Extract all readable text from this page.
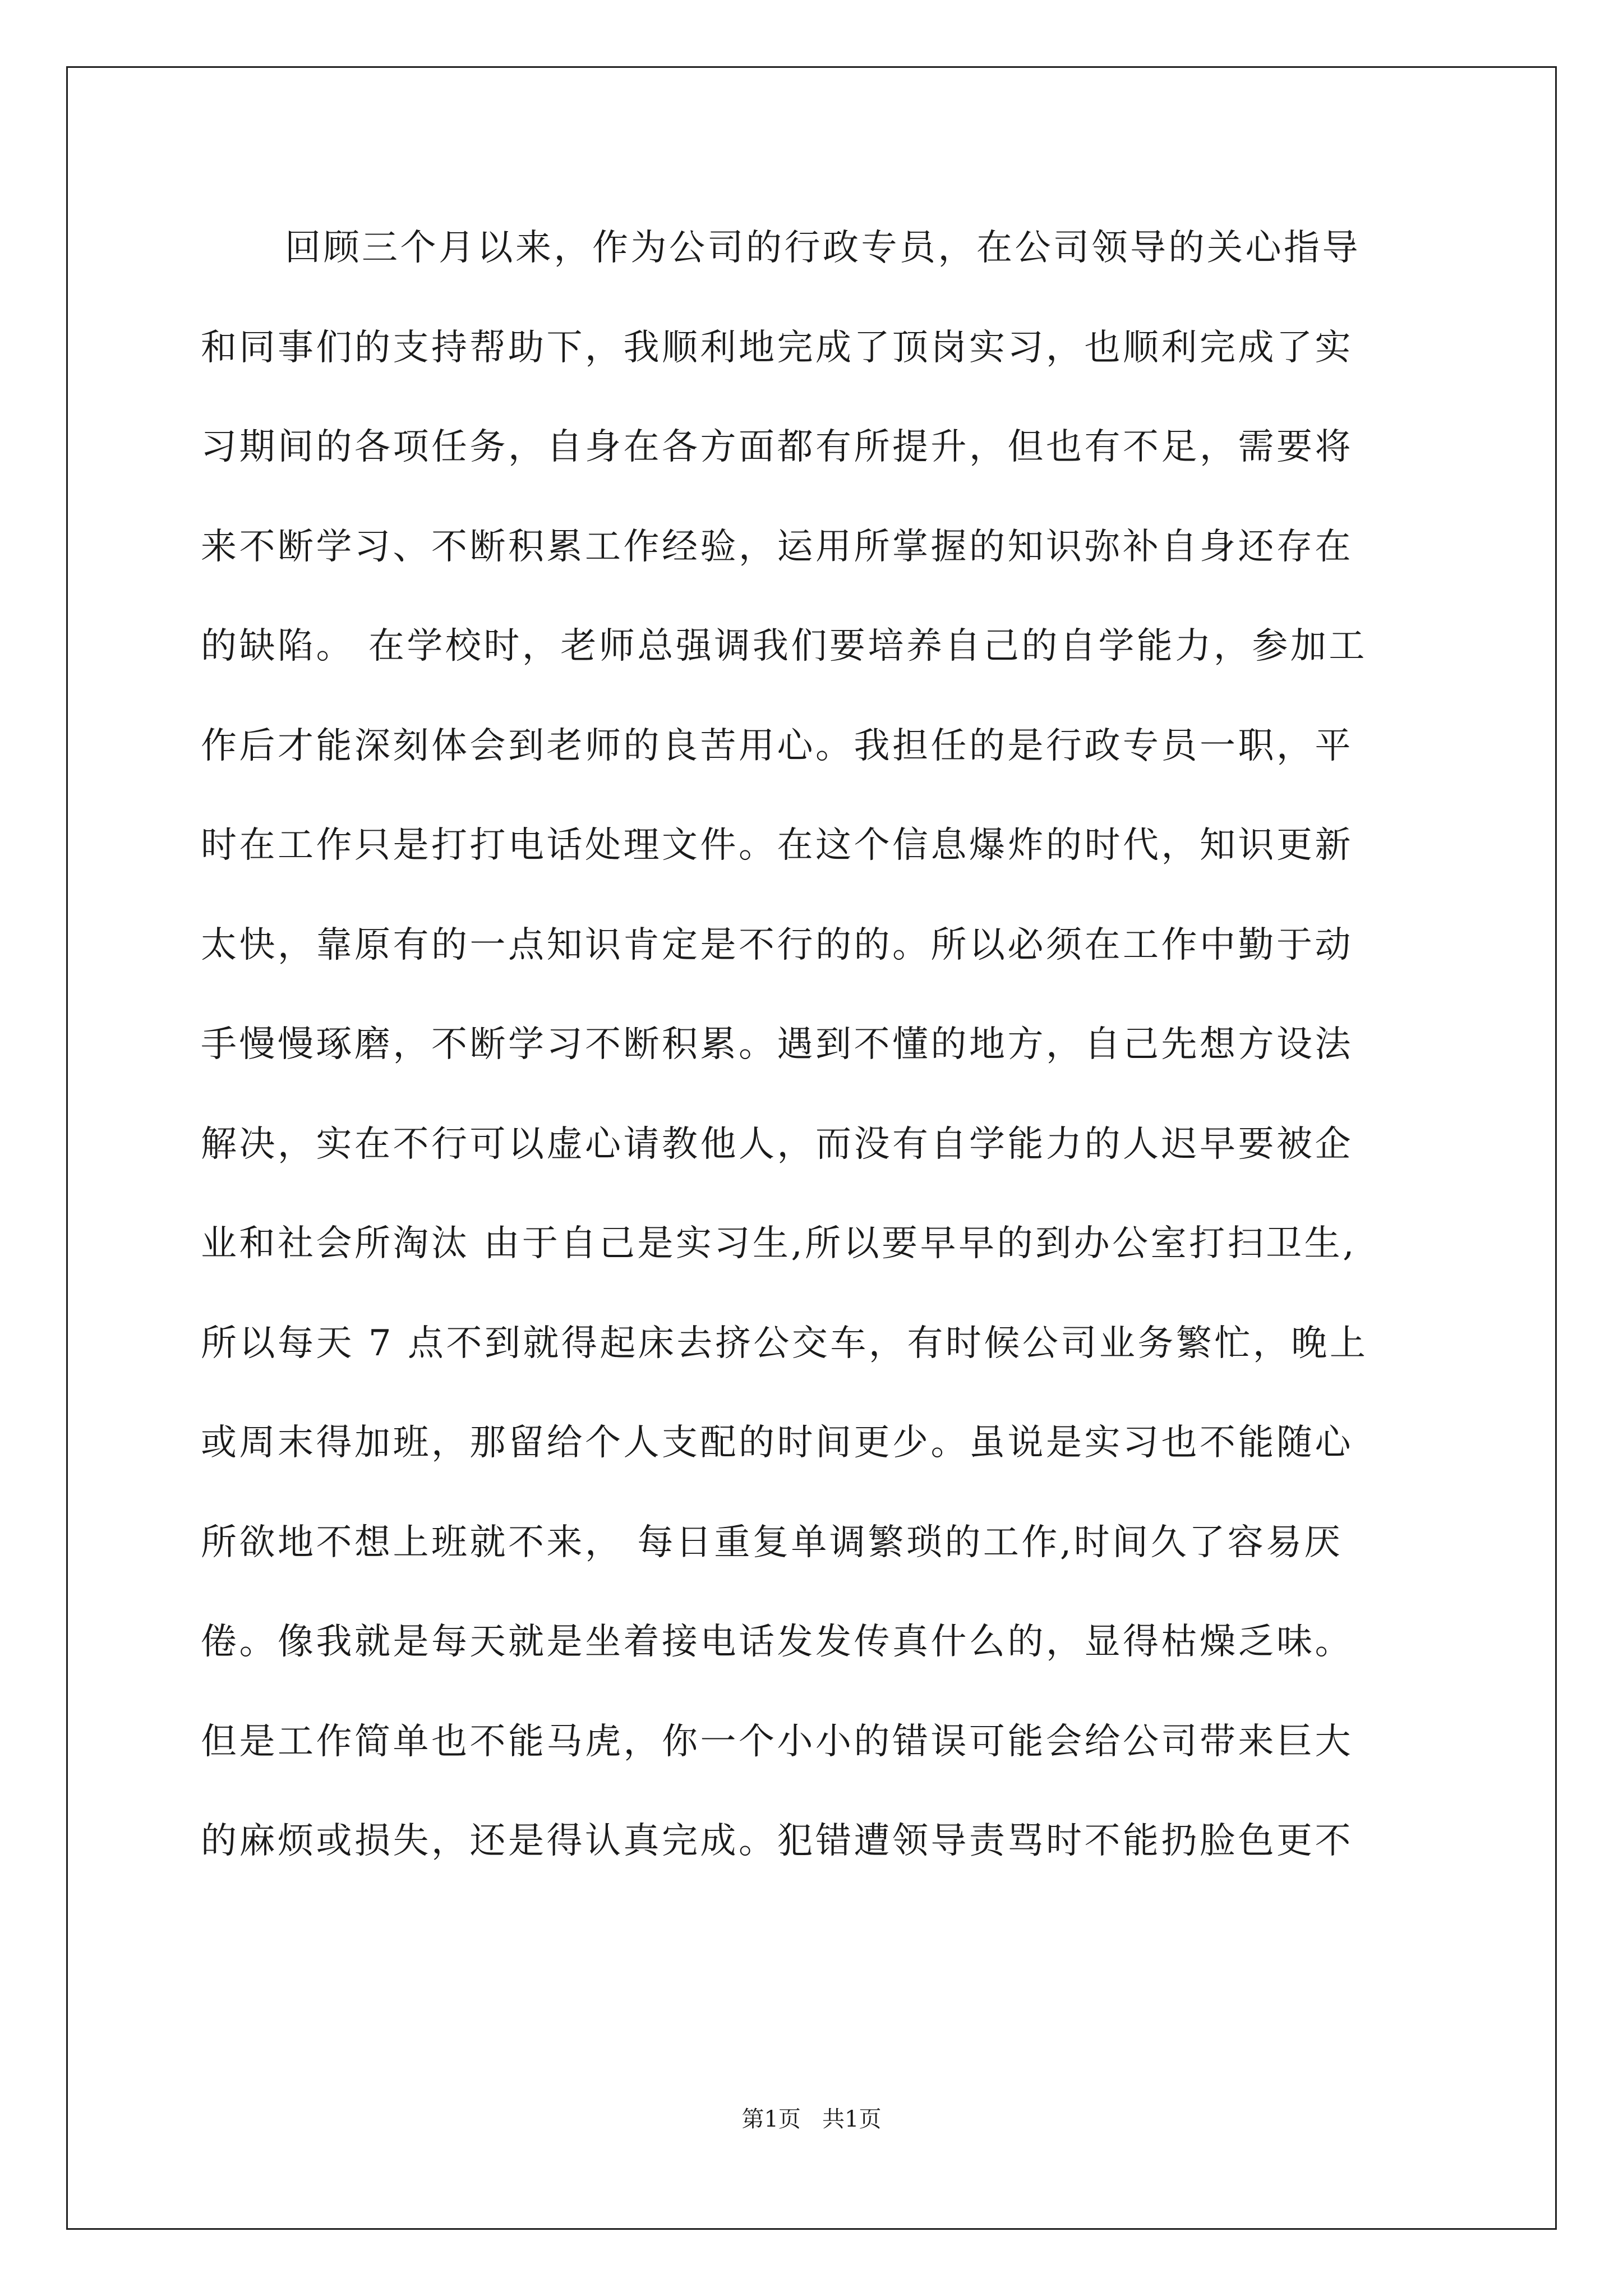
回顾三个月以来，作为公司的行政专员，在公司领导的关心指导
和同事们的支持帮助下，我顺利地完成了顶岗实习，也顺利完成了实
习期间的各项任务，自身在各方面都有所提升，但也有不足，需要将
来不断学习、不断积累工作经验，运用所掌握的知识弥补自身还存在
的缺陷。 在学校时，老师总强调我们要培养自己的自学能力，参加工
作后才能深刻体会到老师的良苦用心。我担任的是行政专员一职，平
时在工作只是打打电话处理文件。在这个信息爆炸的时代，知识更新
太快，靠原有的一点知识肯定是不行的的。所以必须在工作中勤于动
手慢慢琢磨，不断学习不断积累。遇到不懂的地方，自己先想方设法
解决，实在不行可以虚心请教他人，而没有自学能力的人迟早要被企
业和社会所淘汰 由于自己是实习生,所以要早早的到办公室打扫卫生,
所以每天 7 点不到就得起床去挤公交车，有时候公司业务繁忙，晚上
或周末得加班，那留给个人支配的时间更少。虽说是实习也不能随心
所欲地不想上班就不来， 每日重复单调繁琐的工作,时间久了容易厌
倦。像我就是每天就是坐着接电话发发传真什么的，显得枯燥乏味。
但是工作简单也不能马虎，你一个小小的错误可能会给公司带来巨大
的麻烦或损失，还是得认真完成。犯错遭领导责骂时不能扔脸色更不
第1页   共1页
